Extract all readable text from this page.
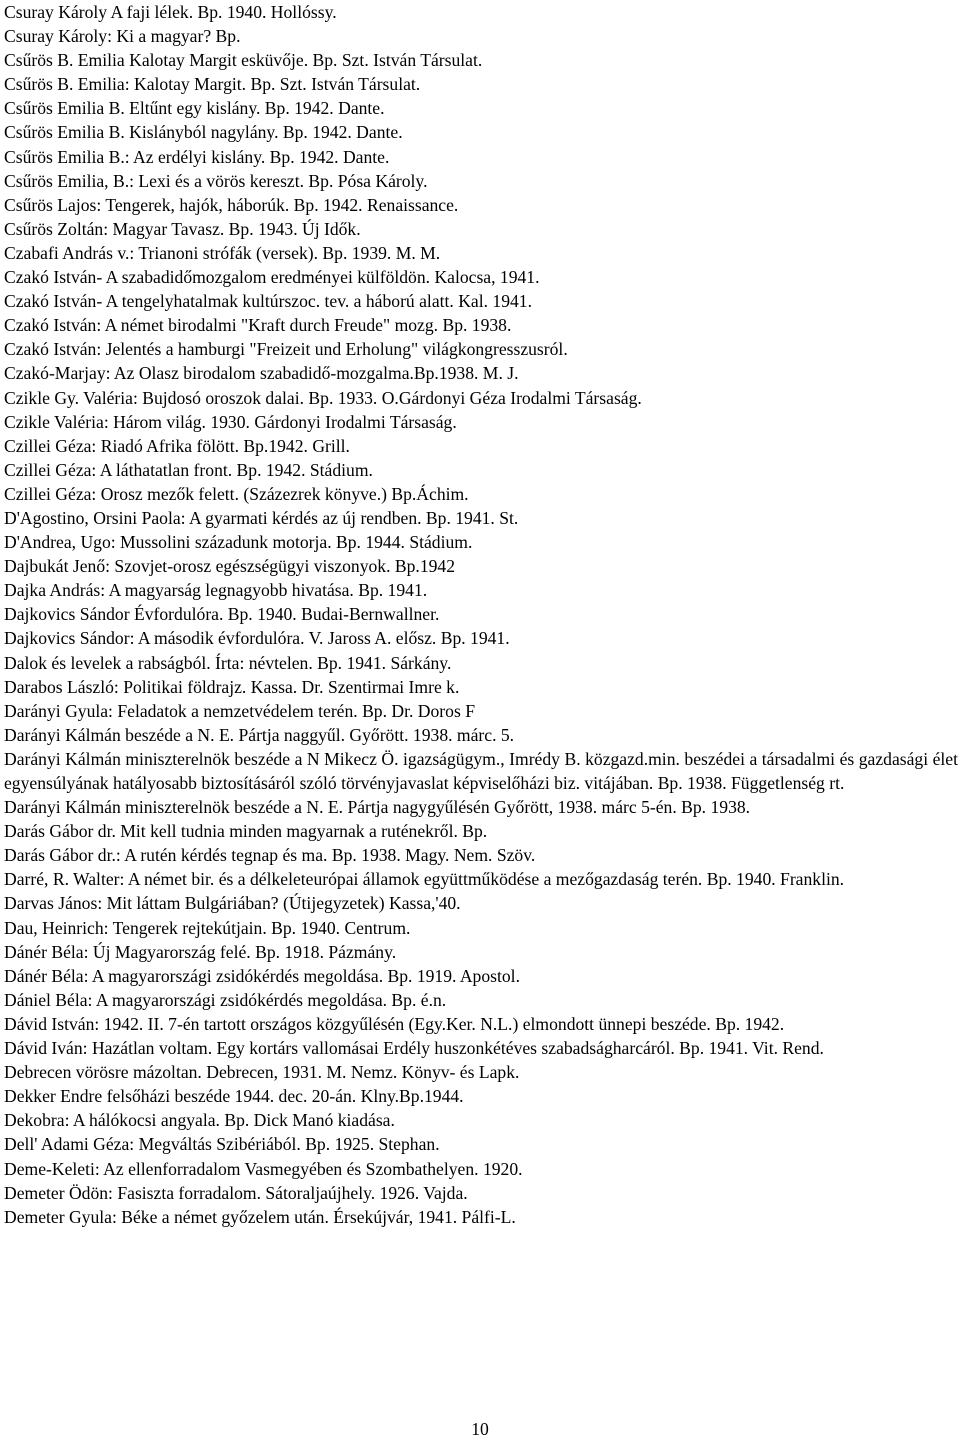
Csuray Károly A faji lélek. Bp. 1940. Hollóssy.

Csuray Károly: Ki a magyar? Bp.

Csűrös B. Emilia Kalotay Margit esküvője. Bp. Szt. István Társulat.

Csűrös B. Emilia: Kalotay Margit. Bp. Szt. István Társulat.

Csűrös Emilia B. Eltűnt egy kislány. Bp. 1942. Dante.

Csűrös Emilia B. Kislányból nagylány. Bp. 1942. Dante.

Csűrös Emilia B.: Az erdélyi kislány. Bp. 1942. Dante.

Csűrös Emilia, B.: Lexi és a vörös kereszt. Bp. Pósa Károly.

Csűrös Lajos: Tengerek, hajók, háborúk. Bp. 1942. Renaissance.

Csűrös Zoltán: Magyar Tavasz. Bp. 1943. Új Idők.

Czabafi András v.: Trianoni strófák (versek). Bp. 1939. M. M.

Czakó István- A szabadidőmozgalom eredményei külföldön. Kalocsa, 1941.

Czakó István- A tengelyhatalmak kultúrszoc. tev. a háború alatt. Kal. 1941.

Czakó István: A német birodalmi "Kraft durch Freude" mozg. Bp. 1938.

Czakó István: Jelentés a hamburgi "Freizeit und Erholung" világkongresszusról.

Czakó-Marjay: Az Olasz birodalom szabadidő-mozgalma.Bp.1938. M. J.

Czikle Gy. Valéria: Bujdosó oroszok dalai. Bp. 1933. O.Gárdonyi Géza Irodalmi Társaság.

Czikle Valéria: Három világ. 1930. Gárdonyi Irodalmi Társaság.

Czillei Géza: Riadó Afrika fölött. Bp.1942. Grill.

Czillei Géza: A láthatatlan front. Bp. 1942. Stádium.

Czillei Géza: Orosz mezők felett. (Százezrek könyve.) Bp.Áchim.

D'Agostino, Orsini Paola: A gyarmati kérdés az új rendben. Bp. 1941. St.

D'Andrea, Ugo: Mussolini századunk motorja. Bp. 1944. Stádium.

Dajbukát Jenő: Szovjet-orosz egészségügyi viszonyok. Bp.1942

Dajka András: A magyarság legnagyobb hivatása. Bp. 1941.

Dajkovics Sándor Évfordulóra. Bp. 1940. Budai-Bernwallner.

Dajkovics Sándor: A második évfordulóra. V. Jaross A. elősz. Bp. 1941.

Dalok és levelek a rabságból. Írta: névtelen. Bp. 1941. Sárkány.

Darabos László: Politikai földrajz. Kassa. Dr. Szentirmai Imre k.

Darányi Gyula: Feladatok a nemzetvédelem terén. Bp. Dr. Doros F

Darányi Kálmán beszéde a N. E. Pártja naggyűl. Győrött. 1938. márc. 5.

Darányi Kálmán miniszterelnök beszéde a N Mikecz Ö. igazságügym., Imrédy B. közgazd.min. beszédei a társadalmi és gazdasági élet egyensúlyának hatályosabb biztosításáról szóló törvényjavaslat képviselőházi biz. vitájában. Bp. 1938. Függetlenség rt.

Darányi Kálmán miniszterelnök beszéde a N. E. Pártja nagygyűlésén Győrött, 1938. márc 5-én. Bp. 1938.

Darás Gábor dr. Mit kell tudnia minden magyarnak a ruténekről. Bp.

Darás Gábor dr.: A rutén kérdés tegnap és ma. Bp. 1938. Magy. Nem. Szöv.

Darré, R. Walter: A német bir. és a délkeleteurópai államok együttműködése a mezőgazdaság terén. Bp. 1940. Franklin.

Darvas János: Mit láttam Bulgáriában? (Útijegyzetek) Kassa,'40.

Dau, Heinrich: Tengerek rejtekútjain. Bp. 1940. Centrum.

Dánér Béla: Új Magyarország felé. Bp. 1918. Pázmány.

Dánér Béla: A magyarországi zsidókérdés megoldása. Bp. 1919. Apostol.

Dániel Béla: A magyarországi zsidókérdés megoldása. Bp. é.n.

Dávid István: 1942. II. 7-én tartott országos közgyűlésén (Egy.Ker. N.L.) elmondott ünnepi beszéde. Bp. 1942.

Dávid Iván: Hazátlan voltam. Egy kortárs vallomásai Erdély huszonkétéves szabadságharcáról. Bp. 1941. Vit. Rend.

Debrecen vörösre mázoltan. Debrecen, 1931. M. Nemz. Könyv- és Lapk.

Dekker Endre felsőházi beszéde 1944. dec. 20-án. Klny.Bp.1944.

Dekobra: A hálókocsi angyala. Bp. Dick Manó kiadása.

Dell' Adami Géza: Megváltás Szibériából. Bp. 1925. Stephan.

Deme-Keleti: Az ellenforradalom Vasmegyében és Szombathelyen. 1920.

Demeter Ödön: Fasiszta forradalom. Sátoraljaújhely. 1926. Vajda.

Demeter Gyula: Béke a német győzelem után. Érsekújvár, 1941. Pálfi-L.

10
